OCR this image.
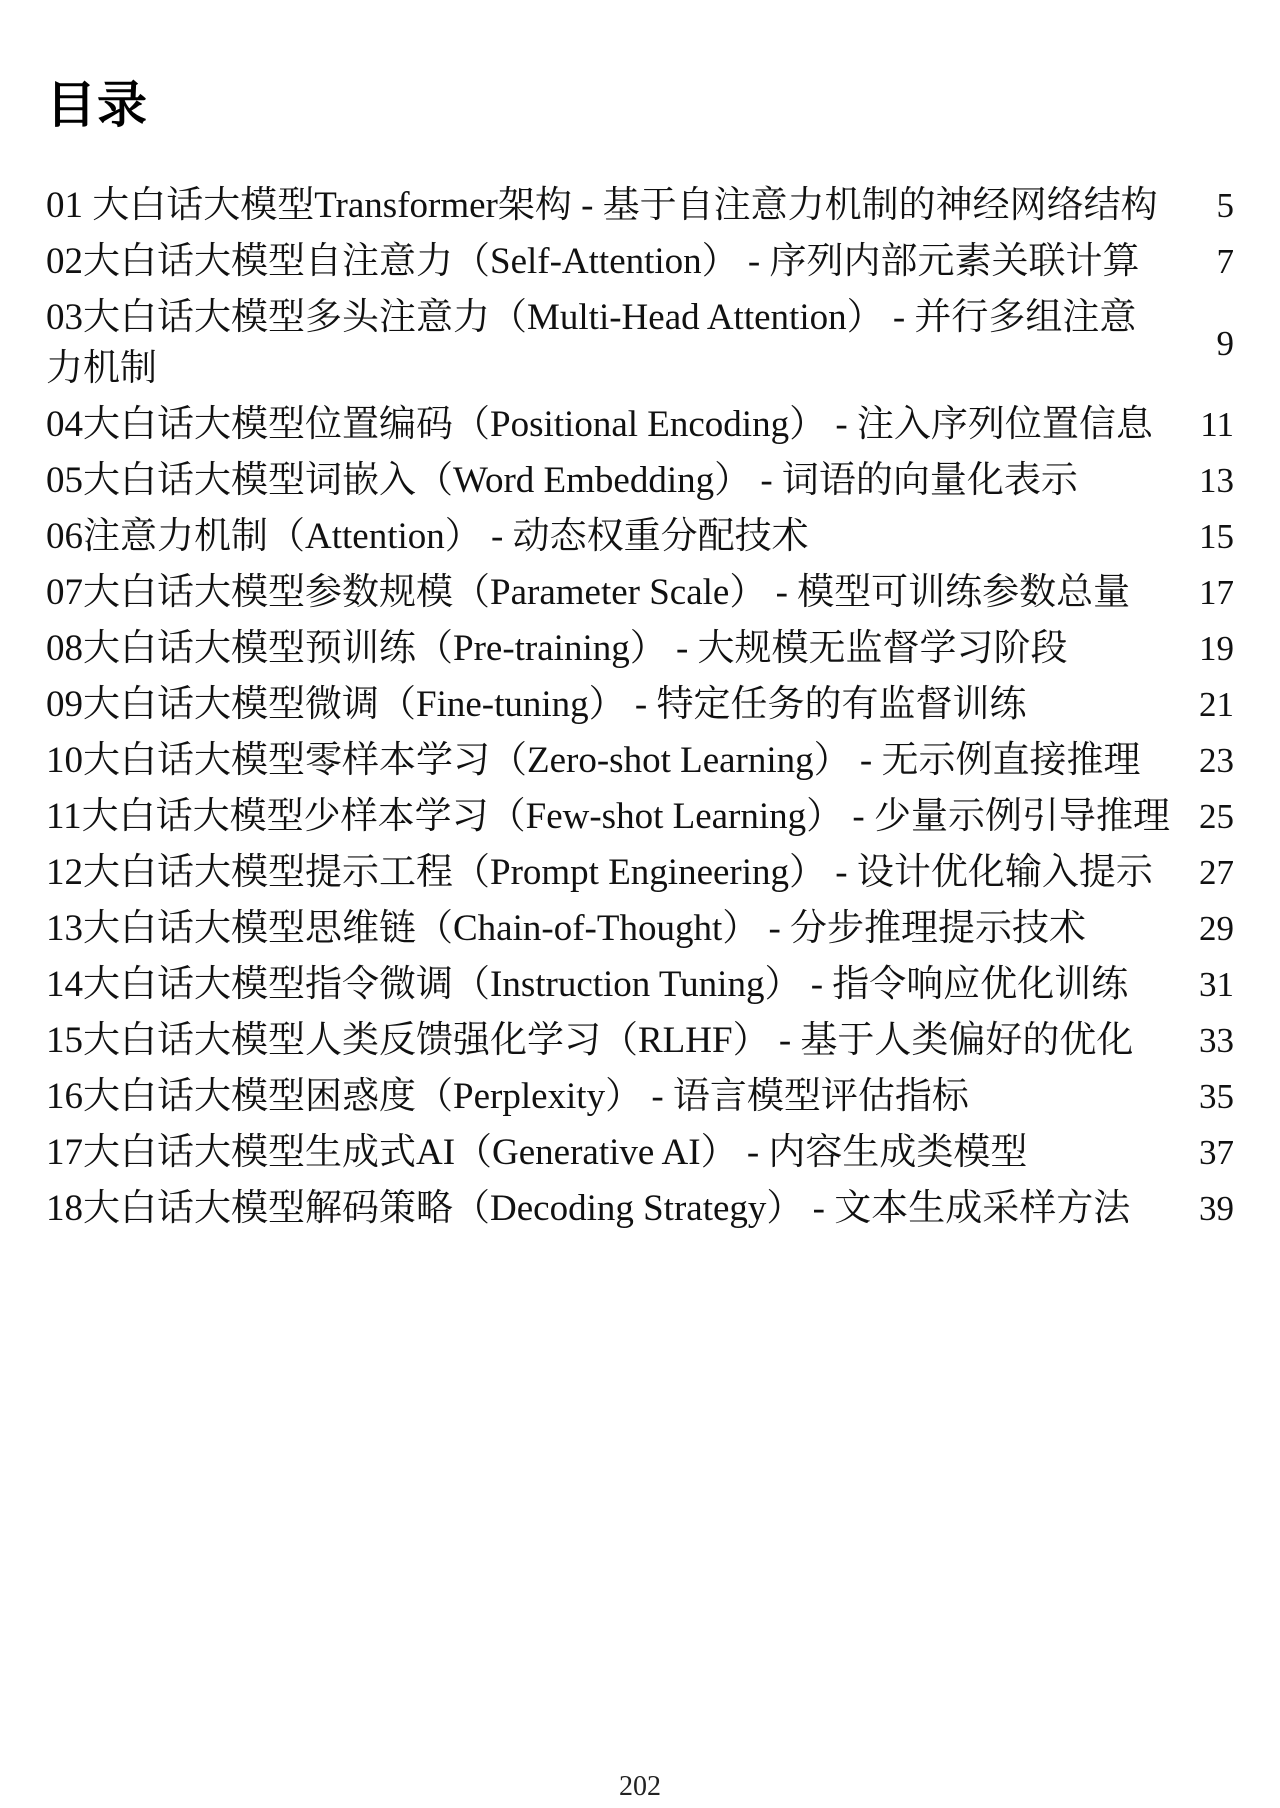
目录
01 大白话大模型Transformer架构 - 基于自注意力机制的神经网络结构	5
02大白话大模型自注意力（Self-Attention） - 序列内部元素关联计算	7
03大白话大模型多头注意力（Multi-Head Attention） - 并行多组注意力机制
9
04大白话大模型位置编码（Positional Encoding） - 注入序列位置信息	11
05大白话大模型词嵌入（Word Embedding） - 词语的向量化表示	13
06注意力机制（Attention） - 动态权重分配技术	15
07大白话大模型参数规模（Parameter Scale） - 模型可训练参数总量	17
08大白话大模型预训练（Pre-training） - 大规模无监督学习阶段	19
09大白话大模型微调（Fine-tuning） - 特定任务的有监督训练	21
10大白话大模型零样本学习（Zero-shot Learning） - 无示例直接推理	23
11大白话大模型少样本学习（Few-shot Learning） - 少量示例引导推理 25
12大白话大模型提示工程（Prompt Engineering） - 设计优化输入提示	27
13大白话大模型思维链（Chain-of-Thought） - 分步推理提示技术	29
14大白话大模型指令微调（Instruction Tuning） - 指令响应优化训练	31
15大白话大模型人类反馈强化学习（RLHF） - 基于人类偏好的优化	33
16大白话大模型困惑度（Perplexity） - 语言模型评估指标	35
17大白话大模型生成式AI（Generative AI） - 内容生成类模型	37
18大白话大模型解码策略（Decoding Strategy） - 文本生成采样方法	39
202
